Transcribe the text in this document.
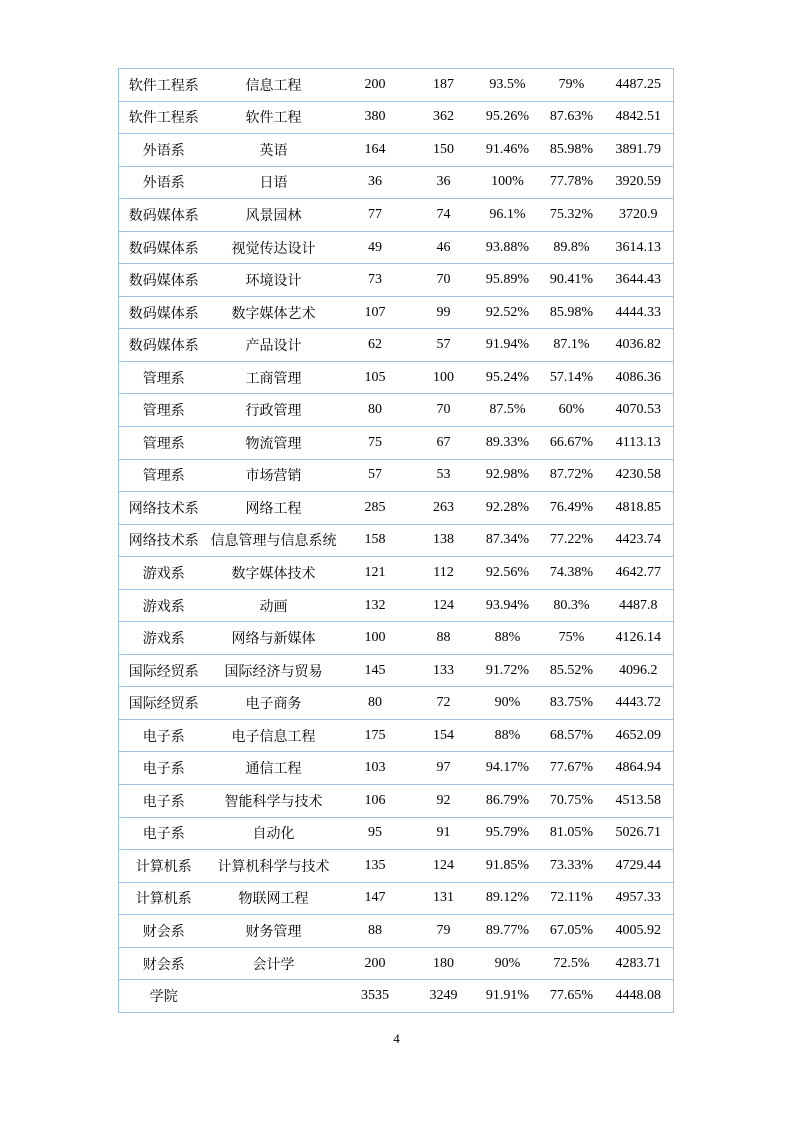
软件工程系	信息工程	200	187	93.5%	79%	4487.25
软件工程系	软件工程	380	362	95.26%	87.63%	4842.51
外语系	英语	164	150	91.46%	85.98%	3891.79
外语系	日语	36	36	100%	77.78%	3920.59
数码媒体系	风景园林	77	74	96.1%	75.32%	3720.9
数码媒体系	视觉传达设计	49	46	93.88%	89.8%	3614.13
数码媒体系	环境设计	73	70	95.89%	90.41%	3644.43
数码媒体系	数字媒体艺术	107	99	92.52%	85.98%	4444.33
数码媒体系	产品设计	62	57	91.94%	87.1%	4036.82
管理系	工商管理	105	100	95.24%	57.14%	4086.36
管理系	行政管理	80	70	87.5%	60%	4070.53
管理系	物流管理	75	67	89.33%	66.67%	4113.13
管理系	市场营销	57	53	92.98%	87.72%	4230.58
网络技术系	网络工程	285	263	92.28%	76.49%	4818.85
网络技术系	信息管理与信息系统	158	138	87.34%	77.22%	4423.74
游戏系	数字媒体技术	121	112	92.56%	74.38%	4642.77
游戏系	动画	132	124	93.94%	80.3%	4487.8
游戏系	网络与新媒体	100	88	88%	75%	4126.14
国际经贸系	国际经济与贸易	145	133	91.72%	85.52%	4096.2
国际经贸系	电子商务	80	72	90%	83.75%	4443.72
电子系	电子信息工程	175	154	88%	68.57%	4652.09
电子系	通信工程	103	97	94.17%	77.67%	4864.94
电子系	智能科学与技术	106	92	86.79%	70.75%	4513.58
电子系	自动化	95	91	95.79%	81.05%	5026.71
计算机系	计算机科学与技术	135	124	91.85%	73.33%	4729.44
计算机系	物联网工程	147	131	89.12%	72.11%	4957.33
财会系	财务管理	88	79	89.77%	67.05%	4005.92
财会系	会计学	200	180	90%	72.5%	4283.71
学院		3535	3249	91.91%	77.65%	4448.08
4
